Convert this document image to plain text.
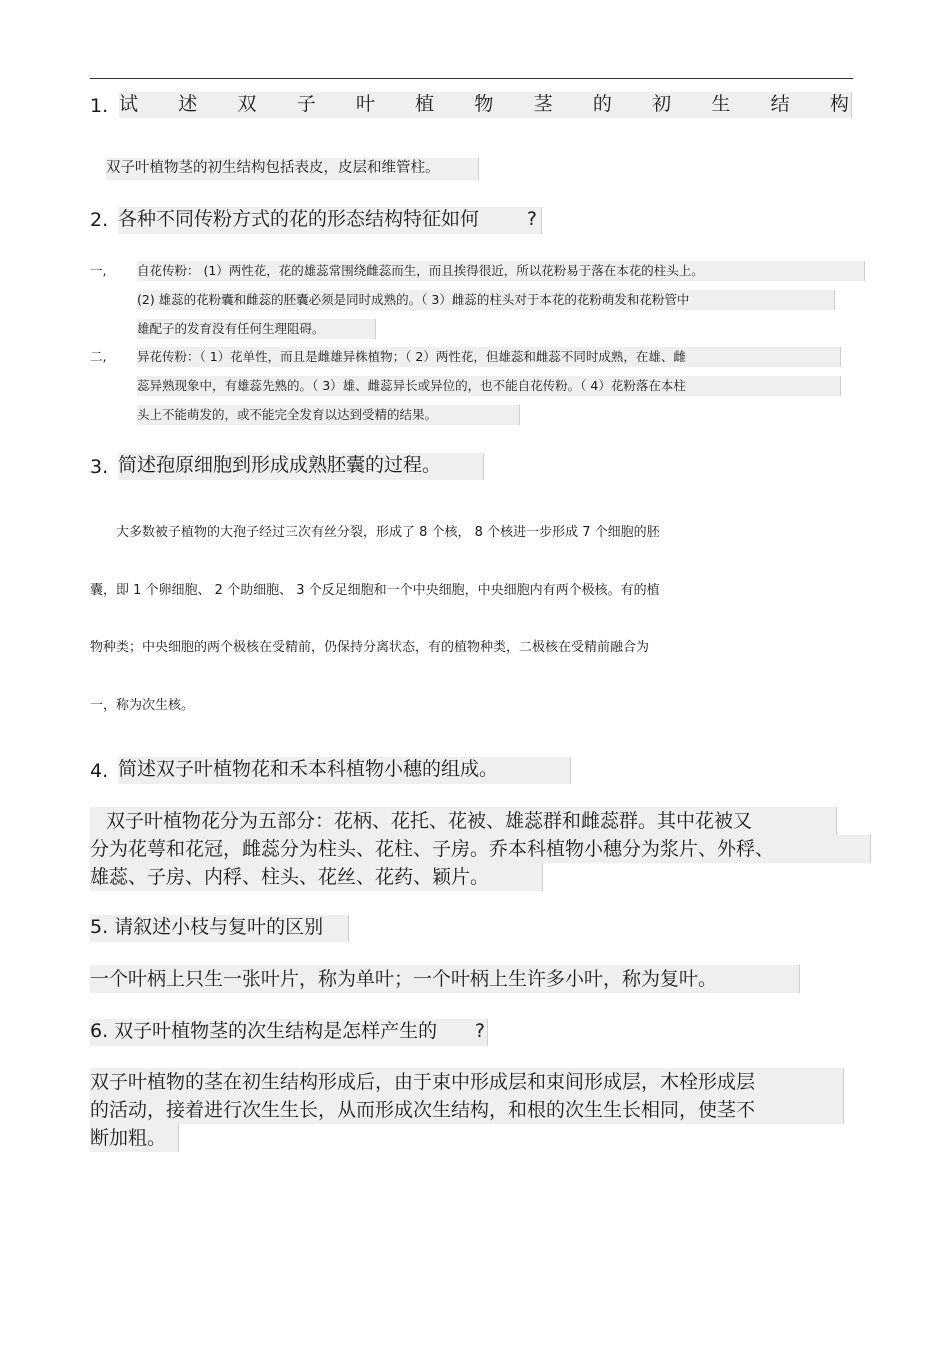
1. 试 述 双 子 叶 植 物 茎 的 初 生 结 构
双子叶植物茎的初生结构包括表皮，皮层和维管柱。
2. 各种不同传粉方式的花的形态结构特征如何	?
一, 自花传粉： (1）两性花，花的雄蕊常围绕雌蕊而生，而且挨得很近，所以花粉易于落在本花的柱头上。
(2) 雄蕊的花粉囊和雌蕊的胚囊必须是同时成熟的。（ 3）雌蕊的柱头对于本花的花粉萌发和花粉管中
雄配子的发育没有任何生理阻碍。
二, 异花传粉：（ 1）花单性，而且是雌雄异株植物；（ 2）两性花，但雄蕊和雌蕊不同时成熟，在雄、雌
蕊异熟现象中，有雄蕊先熟的。（ 3）雄、雌蕊异长或异位的，也不能自花传粉。（ 4）花粉落在本柱
头上不能萌发的，或不能完全发育以达到受精的结果。
3. 简述孢原细胞到形成成熟胚囊的过程。
大多数被子植物的大孢子经过三次有丝分裂，形成了 8 个核， 8 个核进一步形成 7 个细胞的胚
囊，即 1 个卵细胞、 2 个助细胞、 3 个反足细胞和一个中央细胞，中央细胞内有两个极核。有的植
物种类；中央细胞的两个极核在受精前，仍保持分离状态，有的植物种类，二极核在受精前融合为
一，称为次生核。
4. 简述双子叶植物花和禾本科植物小穗的组成。
双子叶植物花分为五部分：花柄、花托、花被、雄蕊群和雌蕊群。其中花被又
分为花萼和花冠，雌蕊分为柱头、花柱、子房。乔本科植物小穗分为浆片、外稃、
雄蕊、子房、内稃、柱头、花丝、花药、颖片。
5. 请叙述小枝与复叶的区别
一个叶柄上只生一张叶片，称为单叶；一个叶柄上生许多小叶，称为复叶。
6. 双子叶植物茎的次生结构是怎样产生的 ?
双子叶植物的茎在初生结构形成后，由于束中形成层和束间形成层，木栓形成层
的活动，接着进行次生生长，从而形成次生结构，和根的次生生长相同，使茎不
断加粗。
